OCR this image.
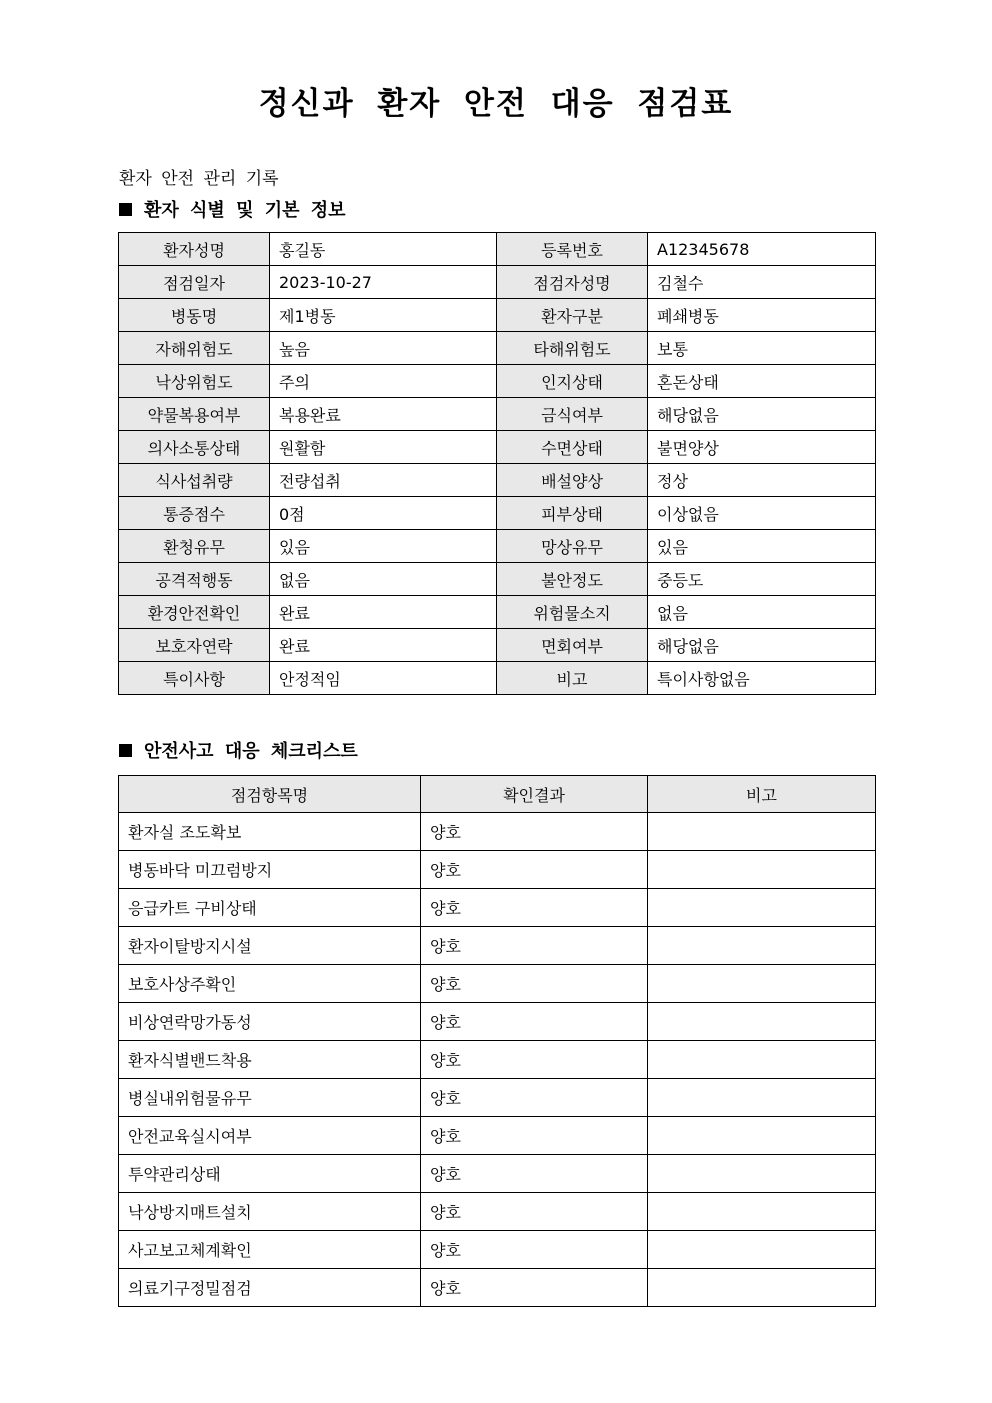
정신과 환자 안전 대응 점검표

환자 안전 관리 기록

환자 식별 및 기본 정보
환자성명	홍길동	등록번호	A12345678
점검일자	2023-10-27	점검자성명	김철수
병동명	제1병동	환자구분	폐쇄병동
자해위험도	높음	타해위험도	보통
낙상위험도	주의	인지상태	혼돈상태
약물복용여부	복용완료	금식여부	해당없음
의사소통상태	원활함	수면상태	불면양상
식사섭취량	전량섭취	배설양상	정상
통증점수	0점	피부상태	이상없음
환청유무	있음	망상유무	있음
공격적행동	없음	불안정도	중등도
환경안전확인	완료	위험물소지	없음
보호자연락	완료	면회여부	해당없음
특이사항	안정적임	비고	특이사항없음
안전사고 대응 체크리스트
점검항목명	확인결과	비고
환자실 조도확보	양호	
병동바닥 미끄럼방지	양호	
응급카트 구비상태	양호	
환자이탈방지시설	양호	
보호사상주확인	양호	
비상연락망가동성	양호	
환자식별밴드착용	양호	
병실내위험물유무	양호	
안전교육실시여부	양호	
투약관리상태	양호	
낙상방지매트설치	양호	
사고보고체계확인	양호	
의료기구정밀점검	양호	
